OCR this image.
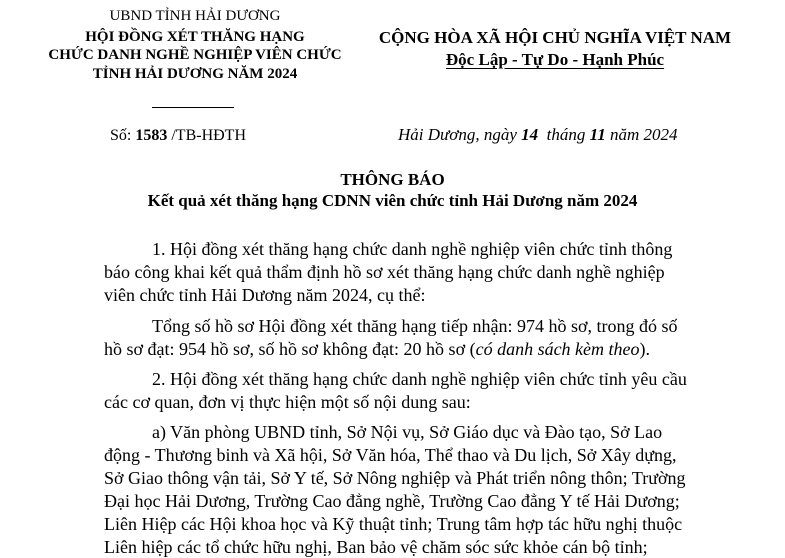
UBND TỈNH HẢI DƯƠNG
HỘI ĐỒNG XÉT THĂNG HẠNG
CHỨC DANH NGHỀ NGHIỆP VIÊN CHỨC
TỈNH HẢI DƯƠNG NĂM 2024
CỘNG HÒA XÃ HỘI CHỦ NGHĨA VIỆT NAM
Độc Lập - Tự Do - Hạnh Phúc
Số: 1583 /TB-HĐTH	Hải Dương, ngày 14  tháng 11 năm 2024
THÔNG BÁO
Kết quả xét thăng hạng CDNN viên chức tỉnh Hải Dương năm 2024
1. Hội đồng xét thăng hạng chức danh nghề nghiệp viên chức tỉnh thông
báo công khai kết quả thẩm định hồ sơ xét thăng hạng chức danh nghề nghiệp
viên chức tỉnh Hải Dương năm 2024, cụ thể:
Tổng số hồ sơ Hội đồng xét thăng hạng tiếp nhận: 974 hồ sơ, trong đó số
hồ sơ đạt: 954 hồ sơ, số hồ sơ không đạt: 20 hồ sơ (có danh sách kèm theo).
2. Hội đồng xét thăng hạng chức danh nghề nghiệp viên chức tỉnh yêu cầu
các cơ quan, đơn vị thực hiện một số nội dung sau:
a) Văn phòng UBND tỉnh, Sở Nội vụ, Sở Giáo dục và Đào tạo, Sở Lao
động - Thương binh và Xã hội, Sở Văn hóa, Thể thao và Du lịch, Sở Xây dựng,
Sở Giao thông vận tải, Sở Y tế, Sở Nông nghiệp và Phát triển nông thôn; Trường
Đại học Hải Dương, Trường Cao đẳng nghề, Trường Cao đẳng Y tế Hải Dương;
Liên Hiệp các Hội khoa học và Kỹ thuật tỉnh; Trung tâm hợp tác hữu nghị thuộc
Liên hiệp các tổ chức hữu nghị, Ban bảo vệ chăm sóc sức khỏe cán bộ tỉnh;
